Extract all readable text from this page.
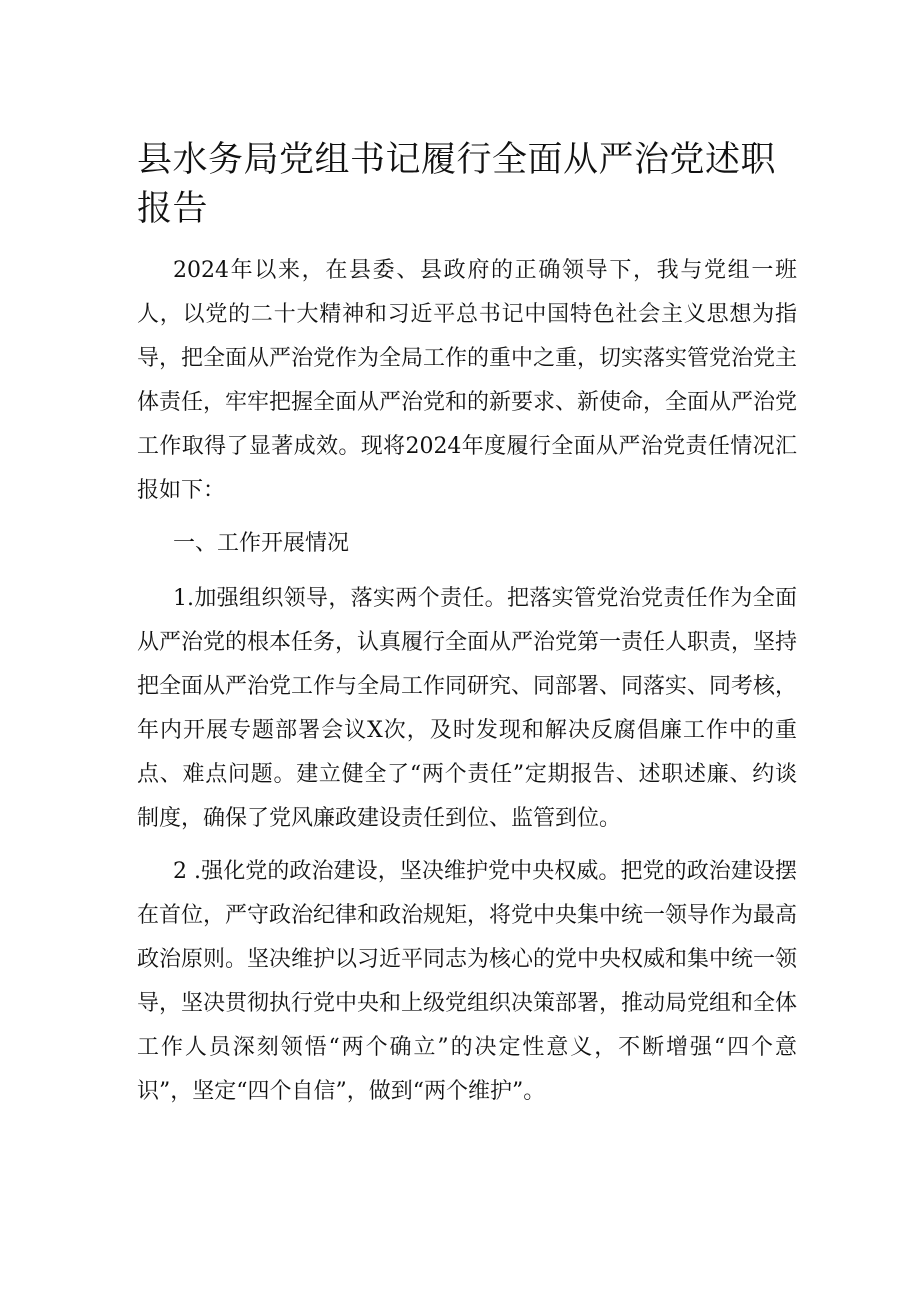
县水务局党组书记履行全面从严治党述职报告

2024年以来，在县委、县政府的正确领导下，我与党组一班人，以党的二十大精神和习近平总书记中国特色社会主义思想为指导，把全面从严治党作为全局工作的重中之重，切实落实管党治党主体责任，牢牢把握全面从严治党和的新要求、新使命，全面从严治党工作取得了显著成效。现将2024年度履行全面从严治党责任情况汇报如下：

一、工作开展情况

1.加强组织领导，落实两个责任。把落实管党治党责任作为全面从严治党的根本任务，认真履行全面从严治党第一责任人职责，坚持把全面从严治党工作与全局工作同研究、同部署、同落实、同考核，年内开展专题部署会议X次，及时发现和解决反腐倡廉工作中的重点、难点问题。建立健全了“两个责任”定期报告、述职述廉、约谈制度，确保了党风廉政建设责任到位、监管到位。

2 .强化党的政治建设，坚决维护党中央权威。把党的政治建设摆在首位，严守政治纪律和政治规矩，将党中央集中统一领导作为最高政治原则。坚决维护以习近平同志为核心的党中央权威和集中统一领导，坚决贯彻执行党中央和上级党组织决策部署，推动局党组和全体工作人员深刻领悟“两个确立”的决定性意义，不断增强“四个意识”，坚定“四个自信”，做到“两个维护”。
